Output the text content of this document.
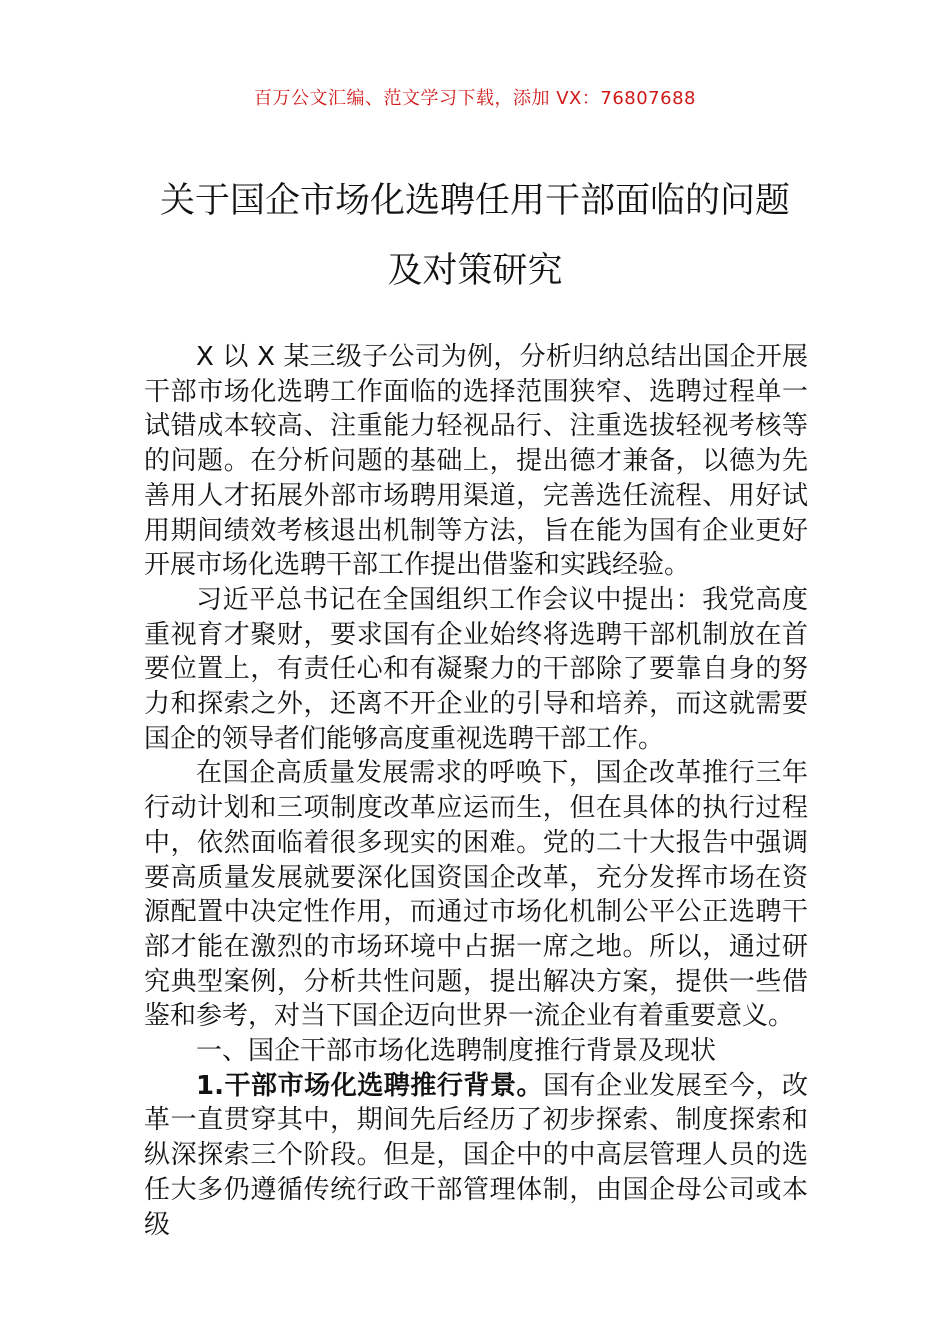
百万公文汇编、范文学习下载，添加 VX：76807688
关于国企市场化选聘任用干部面临的问题
及对策研究

X 以 X 某三级子公司为例，分析归纳总结出国企开展干部市场化选聘工作面临的选择范围狭窄、选聘过程单一试错成本较高、注重能力轻视品行、注重选拔轻视考核等的问题。在分析问题的基础上，提出德才兼备，以德为先善用人才拓展外部市场聘用渠道，完善选任流程、用好试用期间绩效考核退出机制等方法，旨在能为国有企业更好开展市场化选聘干部工作提出借鉴和实践经验。

习近平总书记在全国组织工作会议中提出：我党高度重视育才聚财，要求国有企业始终将选聘干部机制放在首要位置上，有责任心和有凝聚力的干部除了要靠自身的努力和探索之外，还离不开企业的引导和培养，而这就需要国企的领导者们能够高度重视选聘干部工作。

在国企高质量发展需求的呼唤下，国企改革推行三年行动计划和三项制度改革应运而生，但在具体的执行过程中，依然面临着很多现实的困难。党的二十大报告中强调要高质量发展就要深化国资国企改革，充分发挥市场在资源配置中决定性作用，而通过市场化机制公平公正选聘干部才能在激烈的市场环境中占据一席之地。所以，通过研究典型案例，分析共性问题，提出解决方案，提供一些借鉴和参考，对当下国企迈向世界一流企业有着重要意义。

一、国企干部市场化选聘制度推行背景及现状

1.干部市场化选聘推行背景。国有企业发展至今，改革一直贯穿其中，期间先后经历了初步探索、制度探索和纵深探索三个阶段。但是，国企中的中高层管理人员的选任大多仍遵循传统行政干部管理体制，由国企母公司或本级
